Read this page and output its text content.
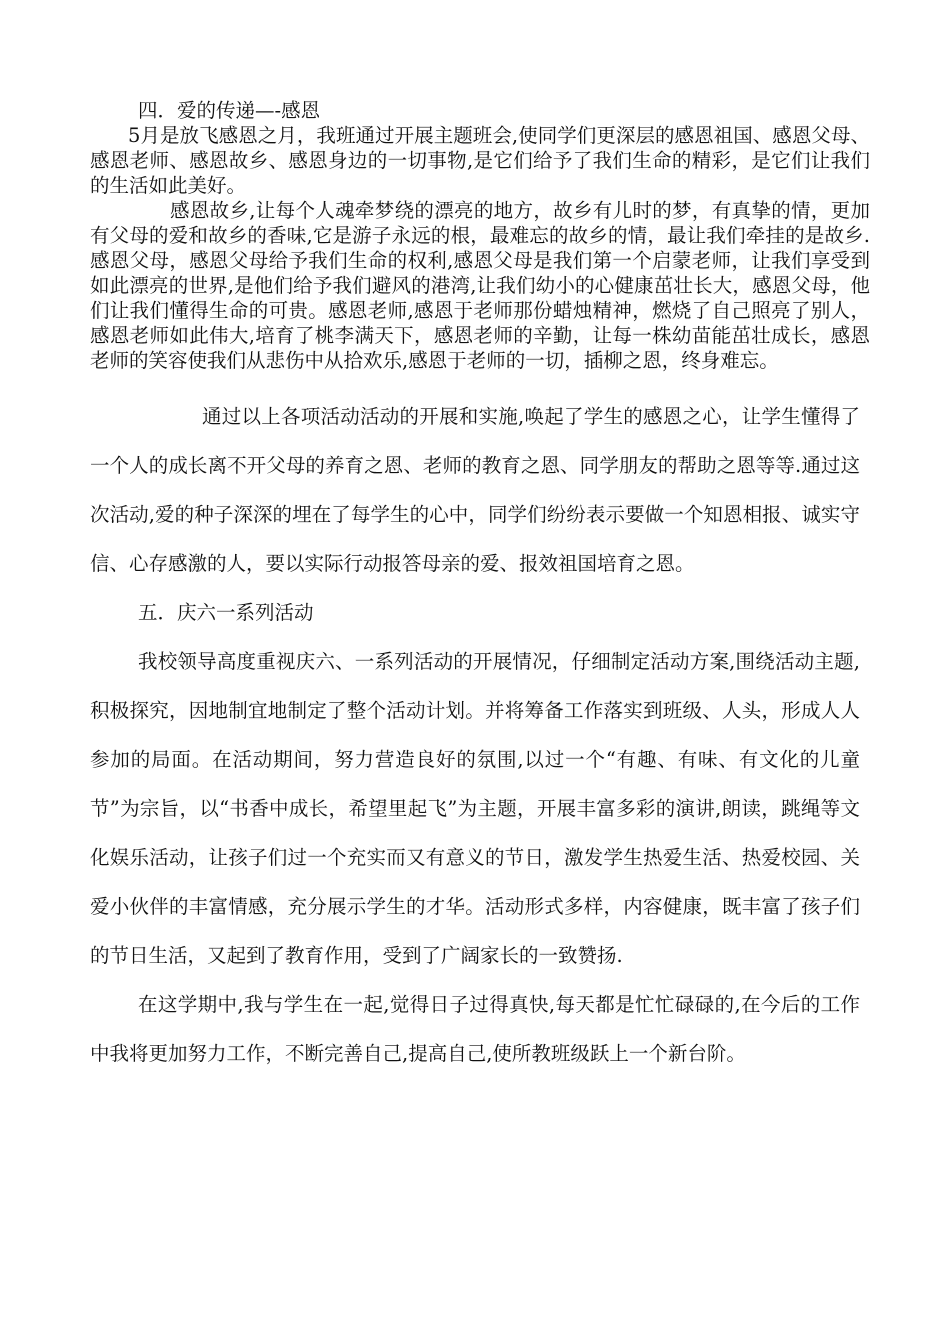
四．爱的传递—-感恩

5月是放飞感恩之月，我班通过开展主题班会,使同学们更深层的感恩祖国、感恩父母、感恩老师、感恩故乡、感恩身边的一切事物,是它们给予了我们生命的精彩，是它们让我们的生活如此美好。

感恩故乡,让每个人魂牵梦绕的漂亮的地方，故乡有儿时的梦，有真挚的情，更加有父母的爱和故乡的香味,它是游子永远的根，最难忘的故乡的情，最让我们牵挂的是故乡.感恩父母，感恩父母给予我们生命的权利,感恩父母是我们第一个启蒙老师，让我们享受到如此漂亮的世界,是他们给予我们避风的港湾,让我们幼小的心健康茁壮长大，感恩父母，他们让我们懂得生命的可贵。感恩老师,感恩于老师那份蜡烛精神，燃烧了自己照亮了别人，感恩老师如此伟大,培育了桃李满天下，感恩老师的辛勤，让每一株幼苗能茁壮成长，感恩老师的笑容使我们从悲伤中从拾欢乐,感恩于老师的一切，插柳之恩，终身难忘。

通过以上各项活动活动的开展和实施,唤起了学生的感恩之心，让学生懂得了一个人的成长离不开父母的养育之恩、老师的教育之恩、同学朋友的帮助之恩等等.通过这次活动,爱的种子深深的埋在了每学生的心中，同学们纷纷表示要做一个知恩相报、诚实守信、心存感激的人，要以实际行动报答母亲的爱、报效祖国培育之恩。

五．庆六一系列活动

我校领导高度重视庆六、一系列活动的开展情况，仔细制定活动方案,围绕活动主题,积极探究，因地制宜地制定了整个活动计划。并将筹备工作落实到班级、人头，形成人人参加的局面。在活动期间，努力营造良好的氛围,以过一个“有趣、有味、有文化的儿童节”为宗旨，以“书香中成长，希望里起飞”为主题，开展丰富多彩的演讲,朗读，跳绳等文化娱乐活动，让孩子们过一个充实而又有意义的节日，激发学生热爱生活、热爱校园、关爱小伙伴的丰富情感，充分展示学生的才华。活动形式多样，内容健康，既丰富了孩子们的节日生活，又起到了教育作用，受到了广阔家长的一致赞扬.

在这学期中,我与学生在一起,觉得日子过得真快,每天都是忙忙碌碌的,在今后的工作中我将更加努力工作，不断完善自己,提高自己,使所教班级跃上一个新台阶。
